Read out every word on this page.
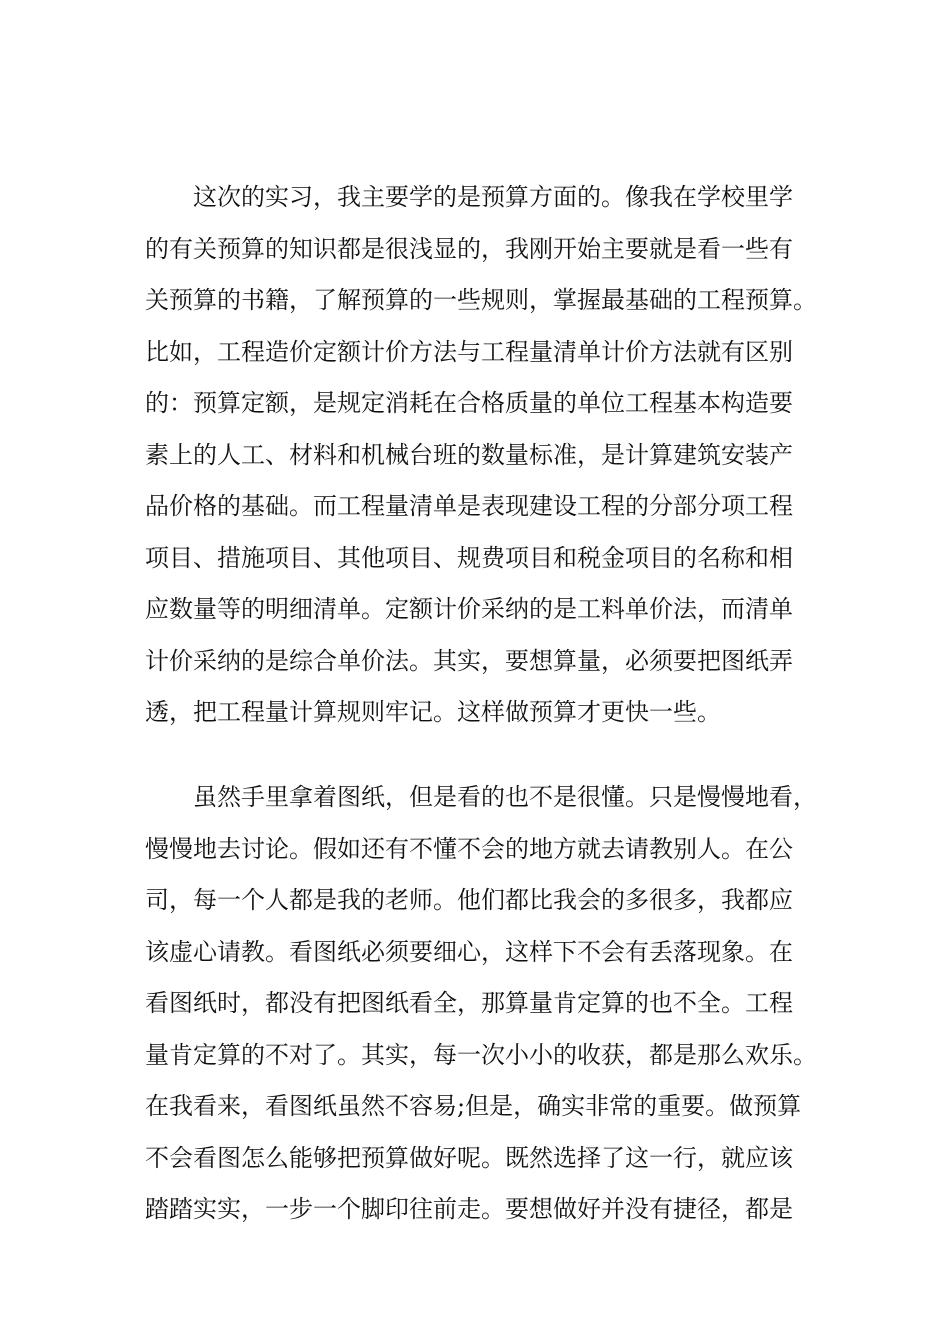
这次的实习，我主要学的是预算方面的。像我在学校里学
的有关预算的知识都是很浅显的，我刚开始主要就是看一些有
关预算的书籍，了解预算的一些规则，掌握最基础的工程预算。
比如，工程造价定额计价方法与工程量清单计价方法就有区别
的：预算定额，是规定消耗在合格质量的单位工程基本构造要
素上的人工、材料和机械台班的数量标准，是计算建筑安装产
品价格的基础。而工程量清单是表现建设工程的分部分项工程
项目、措施项目、其他项目、规费项目和税金项目的名称和相
应数量等的明细清单。定额计价采纳的是工料单价法，而清单
计价采纳的是综合单价法。其实，要想算量，必须要把图纸弄
透，把工程量计算规则牢记。这样做预算才更快一些。
虽然手里拿着图纸，但是看的也不是很懂。只是慢慢地看，
慢慢地去讨论。假如还有不懂不会的地方就去请教别人。在公
司，每一个人都是我的老师。他们都比我会的多很多，我都应
该虚心请教。看图纸必须要细心，这样下不会有丢落现象。在
看图纸时，都没有把图纸看全，那算量肯定算的也不全。工程
量肯定算的不对了。其实，每一次小小的收获，都是那么欢乐。
在我看来，看图纸虽然不容易;但是，确实非常的重要。做预算
不会看图怎么能够把预算做好呢。既然选择了这一行，就应该
踏踏实实，一步一个脚印往前走。要想做好并没有捷径，都是
